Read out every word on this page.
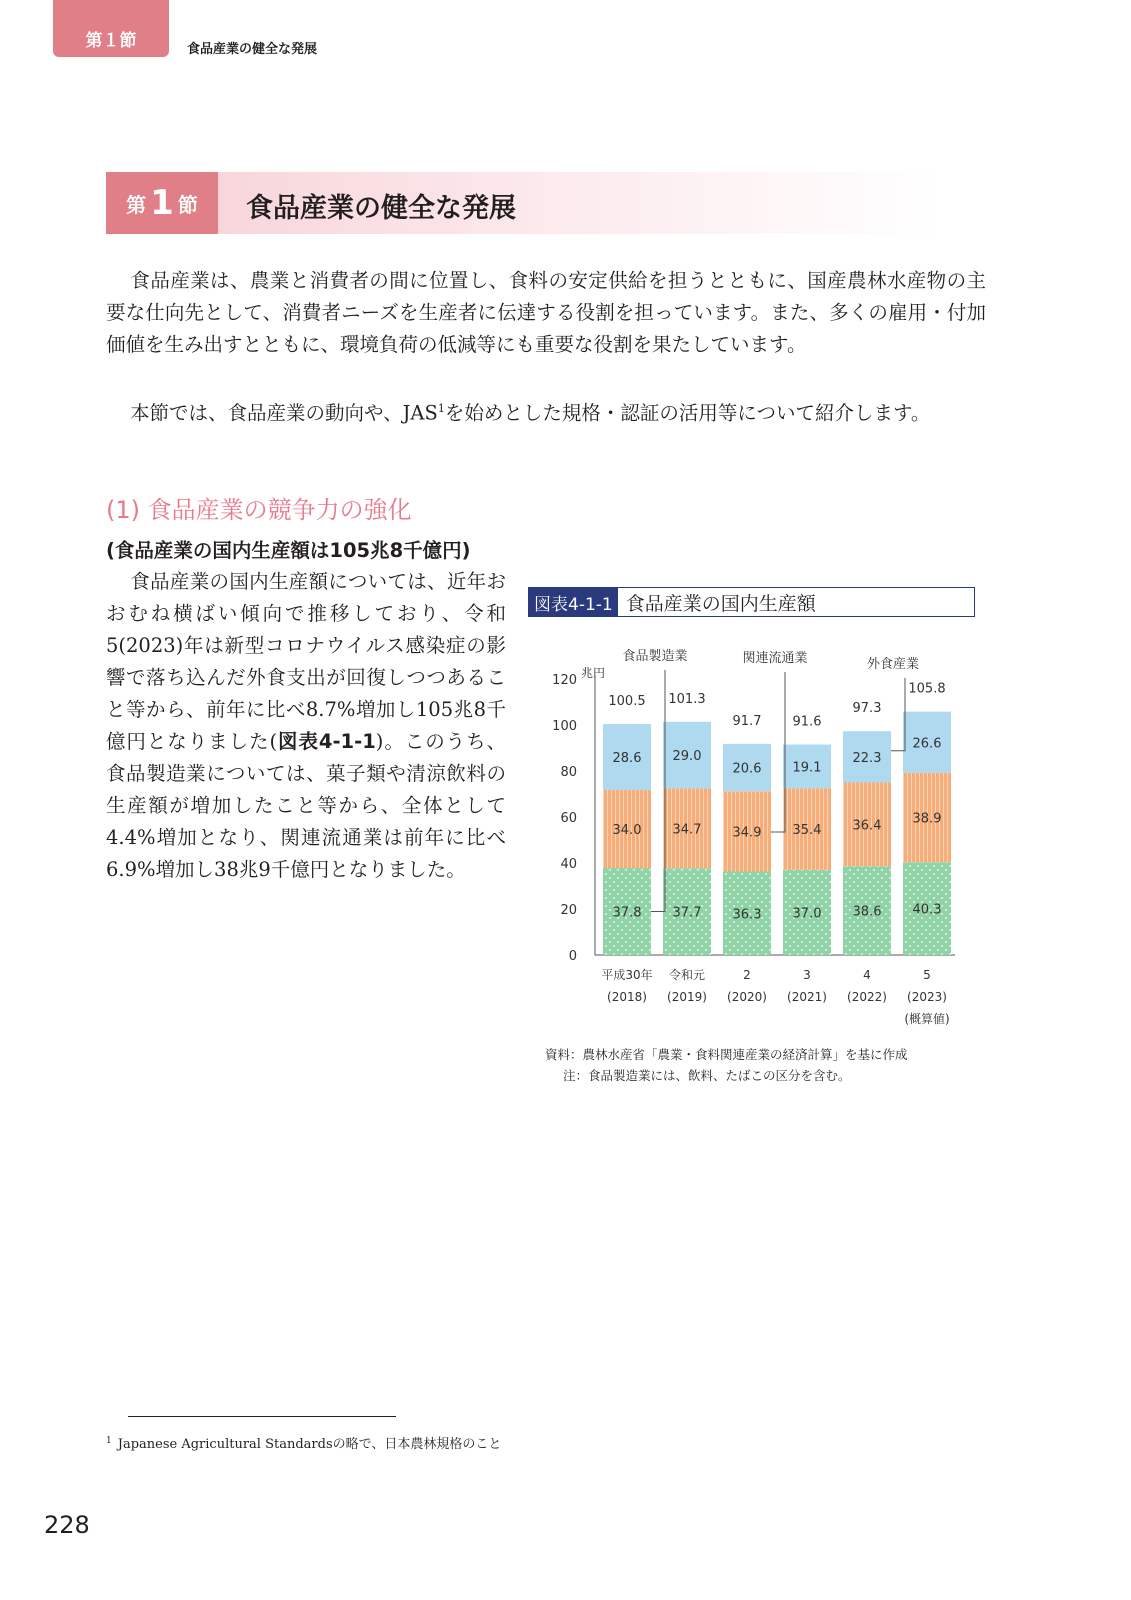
第１節	食品産業の健全な発展
第 1 節 食品産業の健全な発展
食品産業は、農業と消費者の間に位置し、食料の安定供給を担うとともに、国産農林水産物の主要な仕向先として、消費者ニーズを生産者に伝達する役割を担っています。また、多くの雇用・付加価値を生み出すとともに、環境負荷の低減等にも重要な役割を果たしています。
本節では、食品産業の動向や、JAS$^1$を始めとした規格・認証の活用等について紹介します。
(1) 食品産業の競争力の強化
(食品産業の国内生産額は105兆8千億円)
食品産業の国内生産額については、近年おおむね横ばい傾向で推移しており、令和5(2023)年は新型コロナウイルス感染症の影響で落ち込んだ外食支出が回復しつつあること等から、前年に比べ8.7%増加し105兆8千億円となりました(図表4-1-1)。このうち、食品製造業については、菓子類や清涼飲料の生産額が増加したこと等から、全体として4.4%増加となり、関連流通業は前年に比べ6.9%増加し38兆9千億円となりました。
図表4-1-1 食品産業の国内生産額
0
20
40
60
80
100
120 兆円
37.8
34.0
28.6
100.5
平成30年
(2018)
37.7
34.7
29.0
101.3
令和元
(2019)
36.3
34.9
20.6
91.7
2
(2020)
37.0
35.4
19.1
91.6
3
(2021)
38.6
36.4
22.3
97.3
4
(2022)
40.3
38.9
26.6
105.8
5
(2023)
(概算値)
食品製造業	関連流通業	外食産業
資料：農林水産省「農業・食料関連産業の経済計算」を基に作成
注：食品製造業には、飲料、たばこの区分を含む。
$^1$ Japanese Agricultural Standardsの略で、日本農林規格のこと
228
